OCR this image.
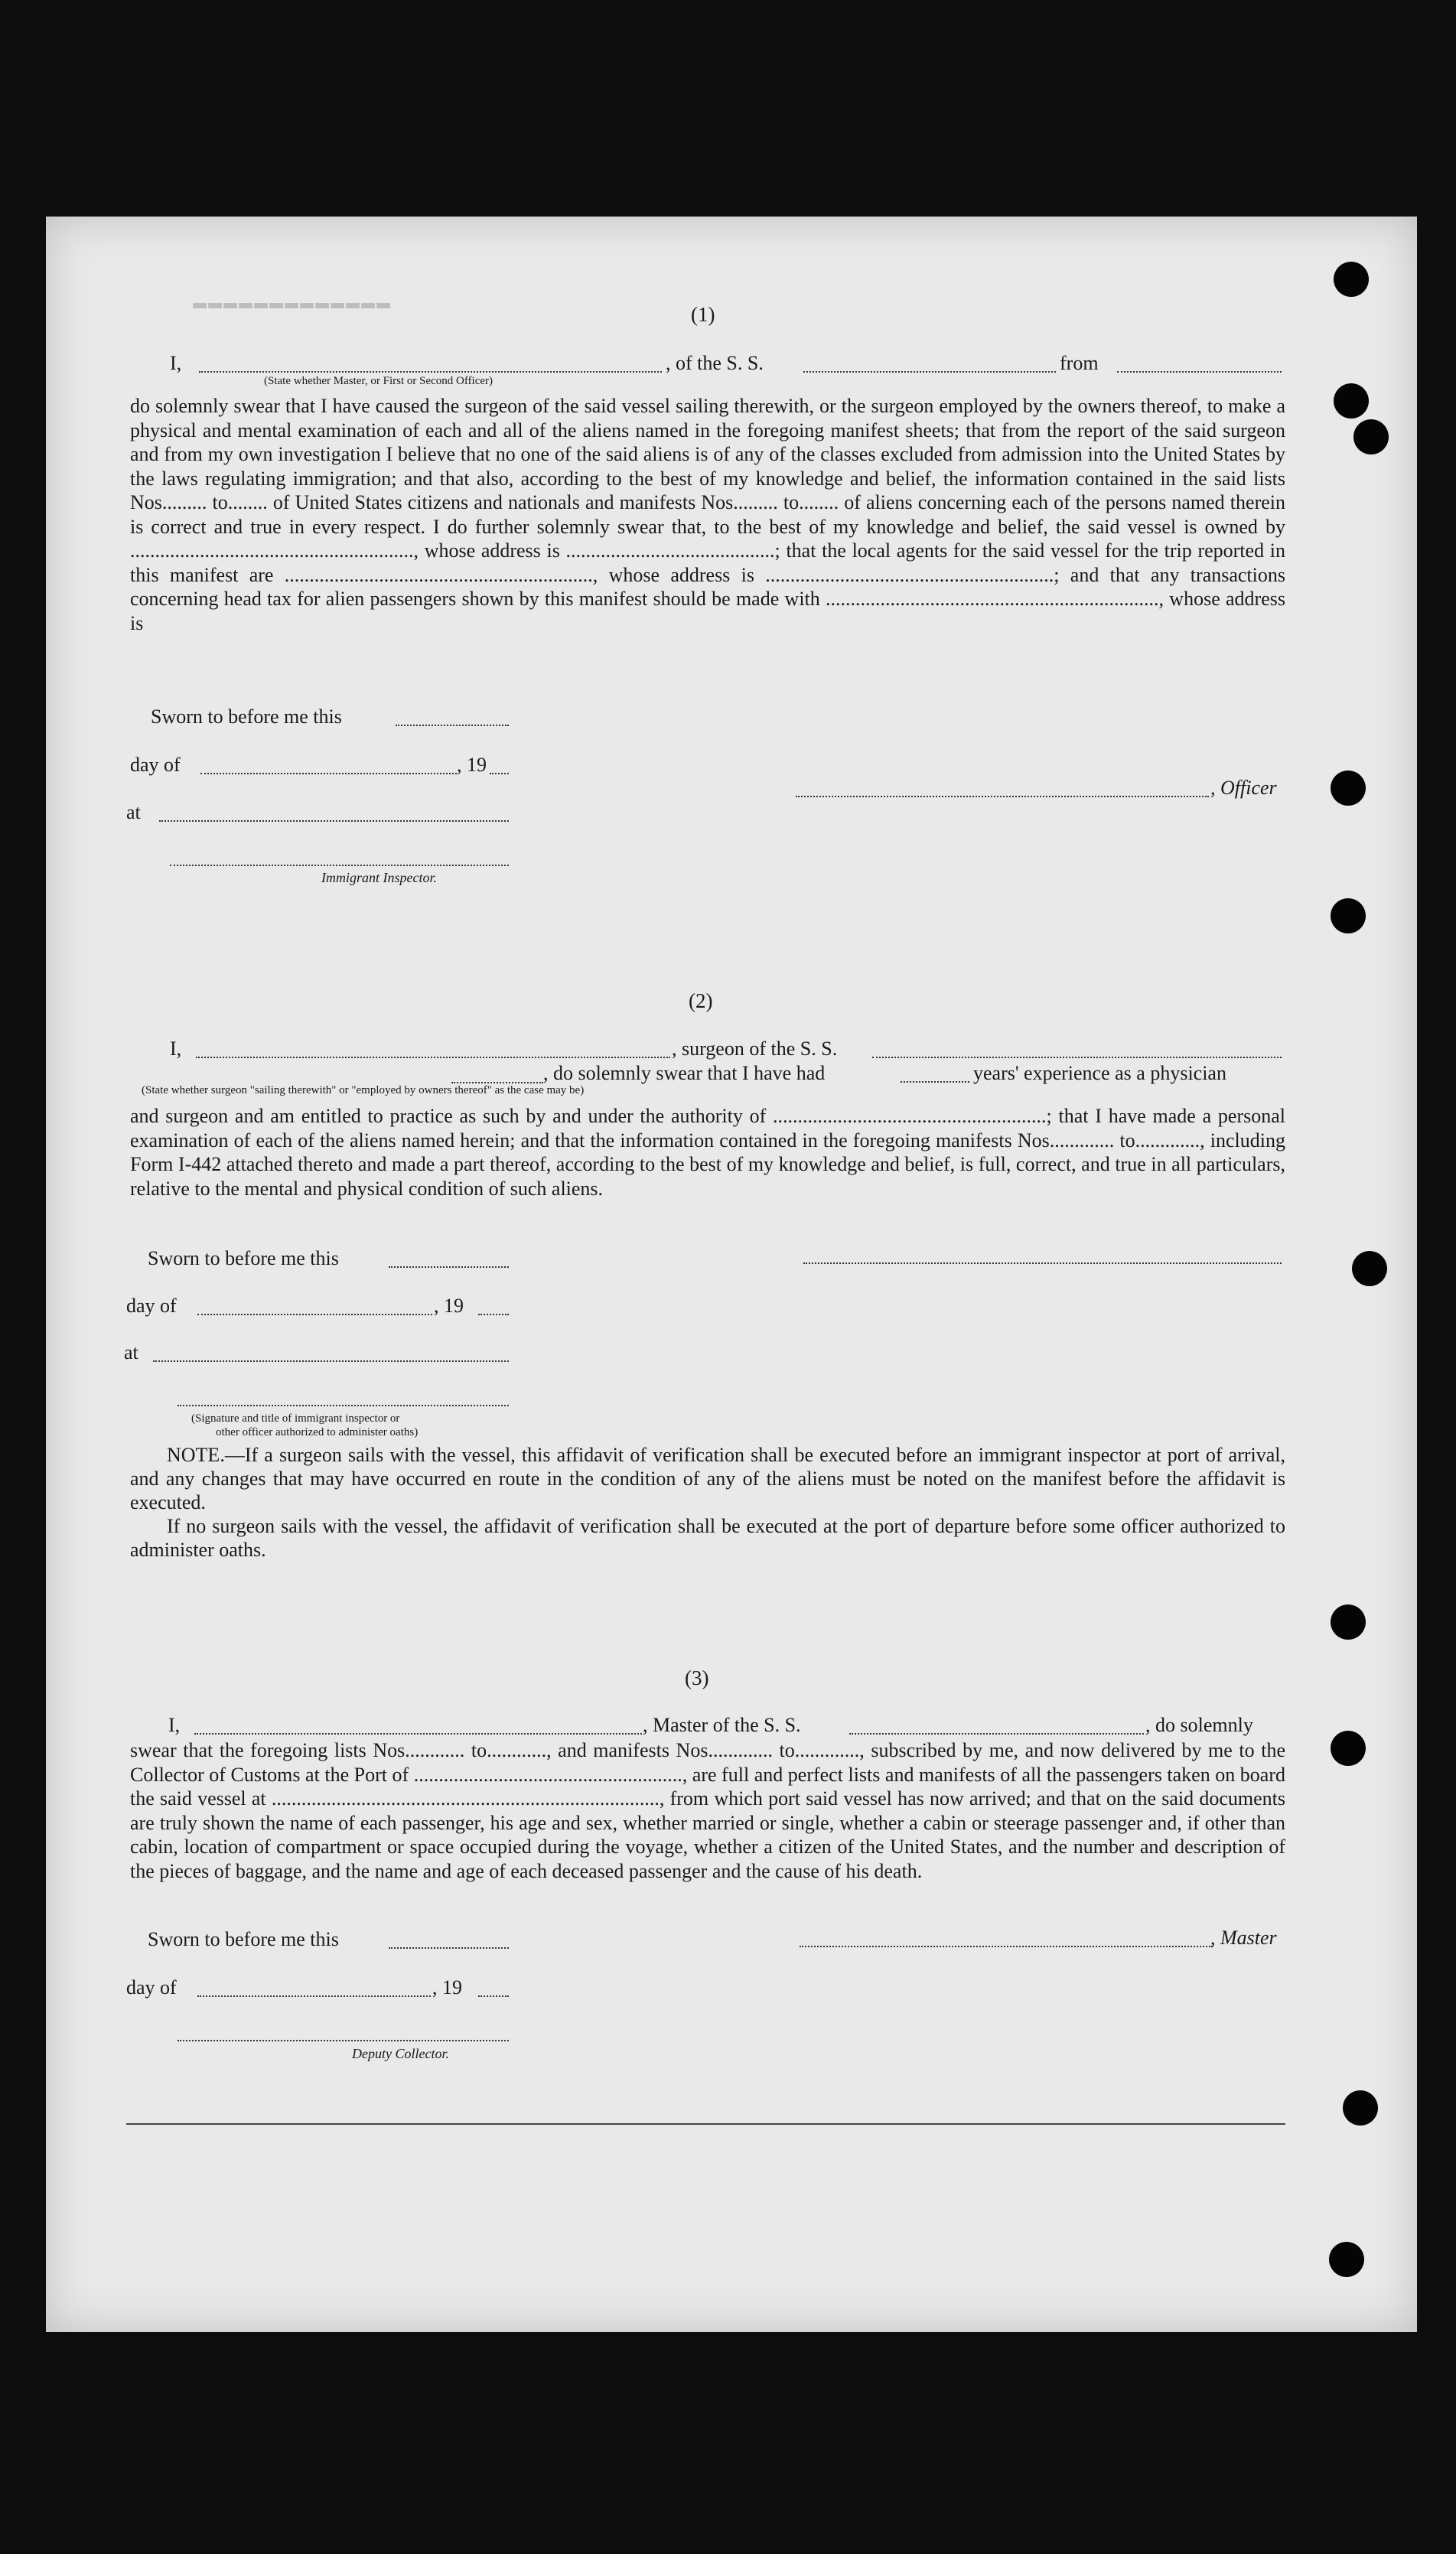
▬▬▬▬▬▬▬▬▬▬▬▬▬	(1)
I,	, of the S. S.	from
(State whether Master, or First or Second Officer)

do solemnly swear that I have caused the surgeon of the said vessel sailing therewith, or the surgeon employed by the owners thereof, to make a physical and mental examination of each and all of the aliens named in the foregoing manifest sheets; that from the report of the said surgeon and from my own investigation I believe that no one of the said aliens is of any of the classes excluded from admission into the United States by the laws regulating immigration; and that also, according to the best of my knowledge and belief, the information contained in the said lists Nos......... to........ of United States citizens and nationals and manifests Nos......... to........ of aliens concerning each of the persons named therein is correct and true in every respect. I do further solemnly swear that, to the best of my knowledge and belief, the said vessel is owned by ........................................................., whose address is ..........................................; that the local agents for the said vessel for the trip reported in this manifest are .............................................................., whose address is ..........................................................; and that any transactions concerning head tax for alien passengers shown by this manifest should be made with ..................................................................., whose address is

Sworn to before me this
day of	, 19
at
Immigrant Inspector.
, Officer
(2)
I,	, surgeon of the S. S.
(State whether surgeon "sailing therewith" or "employed by owners thereof" as the case may be)
, do solemnly swear that I have had	years' experience as a physician

and surgeon and am entitled to practice as such by and under the authority of .......................................................; that I have made a personal examination of each of the aliens named herein; and that the information contained in the foregoing manifests Nos............. to............., including Form I-442 attached thereto and made a part thereof, according to the best of my knowledge and belief, is full, correct, and true in all particulars, relative to the mental and physical condition of such aliens.

Sworn to before me this
day of	, 19
at
(Signature and title of immigrant inspector or
other officer authorized to administer oaths)

NOTE.—If a surgeon sails with the vessel, this affidavit of verification shall be executed before an immigrant inspector at port of arrival, and any changes that may have occurred en route in the condition of any of the aliens must be noted on the manifest before the affidavit is executed.

If no surgeon sails with the vessel, the affidavit of verification shall be executed at the port of departure before some officer authorized to administer oaths.

(3)
I,	, Master of the S. S.	, do solemnly

swear that the foregoing lists Nos............ to............, and manifests Nos............. to............., subscribed by me, and now delivered by me to the Collector of Customs at the Port of ......................................................, are full and perfect lists and manifests of all the passengers taken on board the said vessel at .............................................................................., from which port said vessel has now arrived; and that on the said documents are truly shown the name of each passenger, his age and sex, whether married or single, whether a cabin or steerage passenger and, if other than cabin, location of compartment or space occupied during the voyage, whether a citizen of the United States, and the number and description of the pieces of baggage, and the name and age of each deceased passenger and the cause of his death.

Sworn to before me this
day of	, 19
Deputy Collector.
, Master
